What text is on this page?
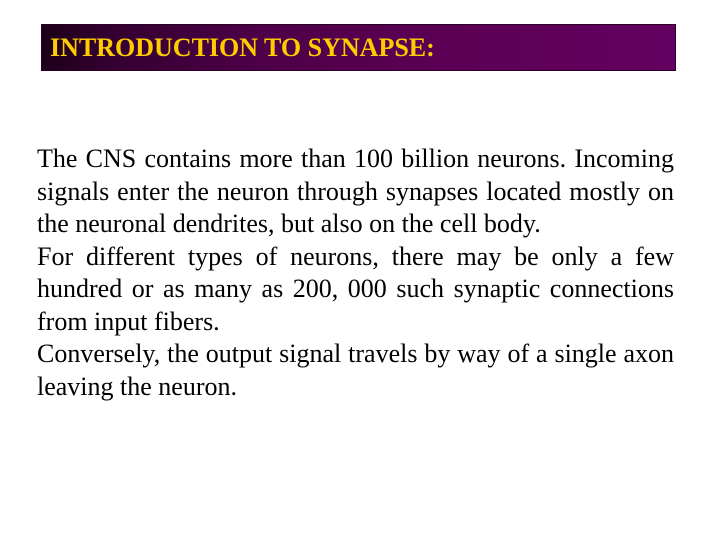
INTRODUCTION TO SYNAPSE:

The CNS contains more than 100 billion neurons. Incoming signals enter the neuron through synapses located mostly on the neuronal dendrites, but also on the cell body.

For different types of neurons, there may be only a few hundred or as many as 200, 000 such synaptic connections from input fibers.

Conversely, the output signal travels by way of a single axon leaving the neuron.
